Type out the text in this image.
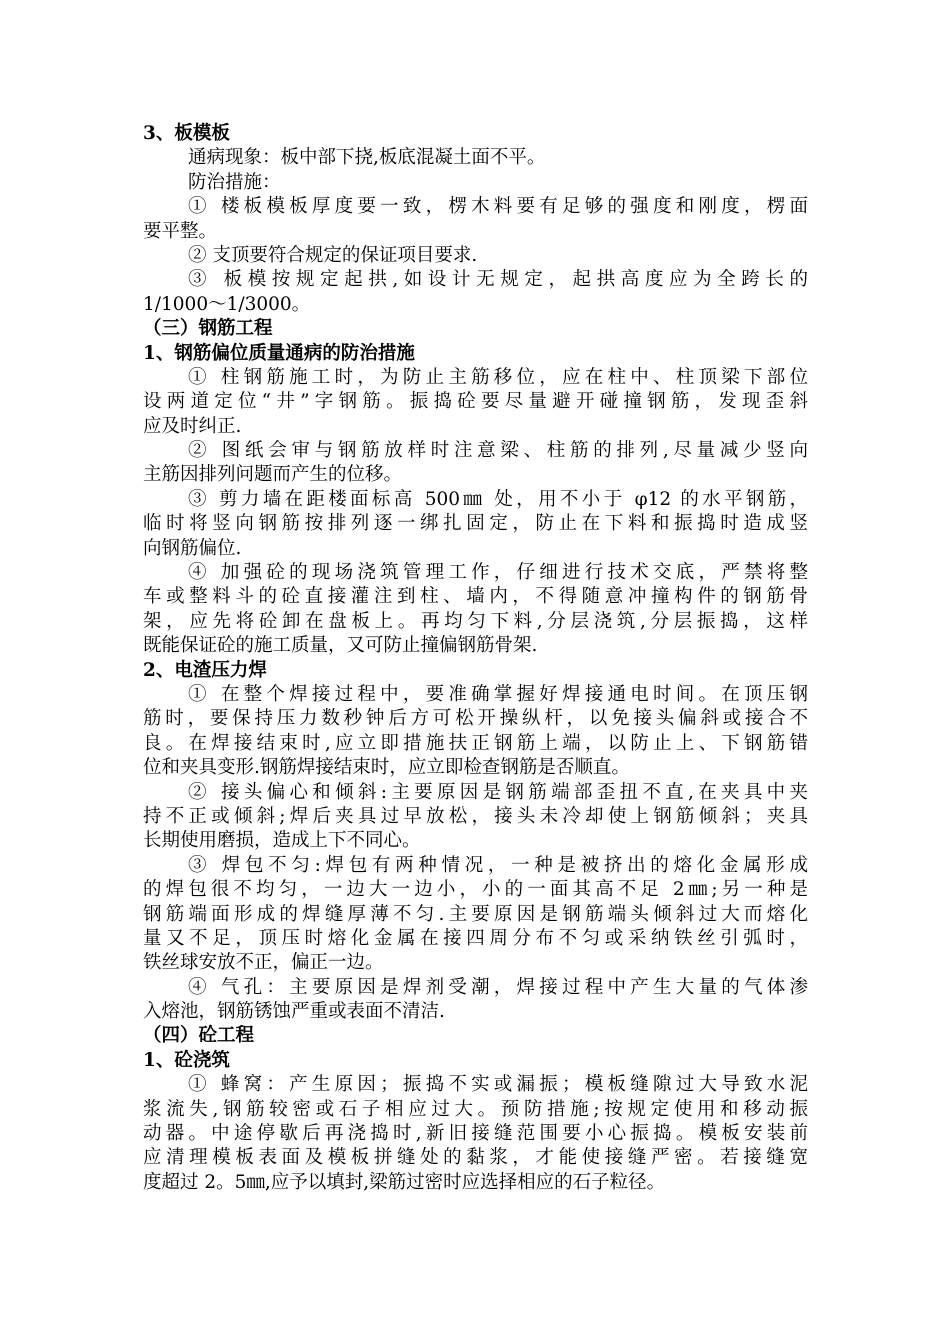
3、板模板
通病现象：板中部下挠,板底混凝土面不平。
防治措施：
① 楼板模板厚度要一致，楞木料要有足够的强度和刚度，楞面
要平整。
② 支顶要符合规定的保证项目要求.
③ 板模按规定起拱,如设计无规定，起拱高度应为全跨长的
1/1000～1/3000。
（三）钢筋工程
1、钢筋偏位质量通病的防治措施
① 柱钢筋施工时，为防止主筋移位，应在柱中、柱顶梁下部位
设两道定位“井”字钢筋。振捣砼要尽量避开碰撞钢筋，发现歪斜
应及时纠正.
② 图纸会审与钢筋放样时注意梁、柱筋的排列,尽量减少竖向
主筋因排列问题而产生的位移。
③ 剪力墙在距楼面标高 500㎜ 处，用不小于 φ12 的水平钢筋，
临时将竖向钢筋按排列逐一绑扎固定，防止在下料和振捣时造成竖
向钢筋偏位.
④ 加强砼的现场浇筑管理工作，仔细进行技术交底，严禁将整
车或整料斗的砼直接灌注到柱、墙内，不得随意冲撞构件的钢筋骨
架，应先将砼卸在盘板上。再均匀下料,分层浇筑,分层振捣，这样
既能保证砼的施工质量，又可防止撞偏钢筋骨架.
2、电渣压力焊
① 在整个焊接过程中，要准确掌握好焊接通电时间。在顶压钢
筋时，要保持压力数秒钟后方可松开操纵杆，以免接头偏斜或接合不
良。在焊接结束时,应立即措施扶正钢筋上端，以防止上、下钢筋错
位和夹具变形.钢筋焊接结束时，应立即检查钢筋是否顺直。
② 接头偏心和倾斜:主要原因是钢筋端部歪扭不直,在夹具中夹
持不正或倾斜;焊后夹具过早放松，接头未冷却使上钢筋倾斜；夹具
长期使用磨损，造成上下不同心。
③ 焊包不匀:焊包有两种情况，一种是被挤出的熔化金属形成
的焊包很不均匀，一边大一边小，小的一面其高不足 2㎜;另一种是
钢筋端面形成的焊缝厚薄不匀.主要原因是钢筋端头倾斜过大而熔化
量又不足，顶压时熔化金属在接四周分布不匀或采纳铁丝引弧时，
铁丝球安放不正，偏正一边。
④ 气孔：主要原因是焊剂受潮，焊接过程中产生大量的气体渗
入熔池，钢筋锈蚀严重或表面不清洁.
（四）砼工程
1、砼浇筑
① 蜂窝：产生原因；振捣不实或漏振；模板缝隙过大导致水泥
浆流失,钢筋较密或石子相应过大。预防措施;按规定使用和移动振
动器。中途停歇后再浇捣时,新旧接缝范围要小心振捣。模板安装前
应清理模板表面及模板拼缝处的黏浆，才能使接缝严密。若接缝宽
度超过 2。5㎜,应予以填封,梁筋过密时应选择相应的石子粒径。
